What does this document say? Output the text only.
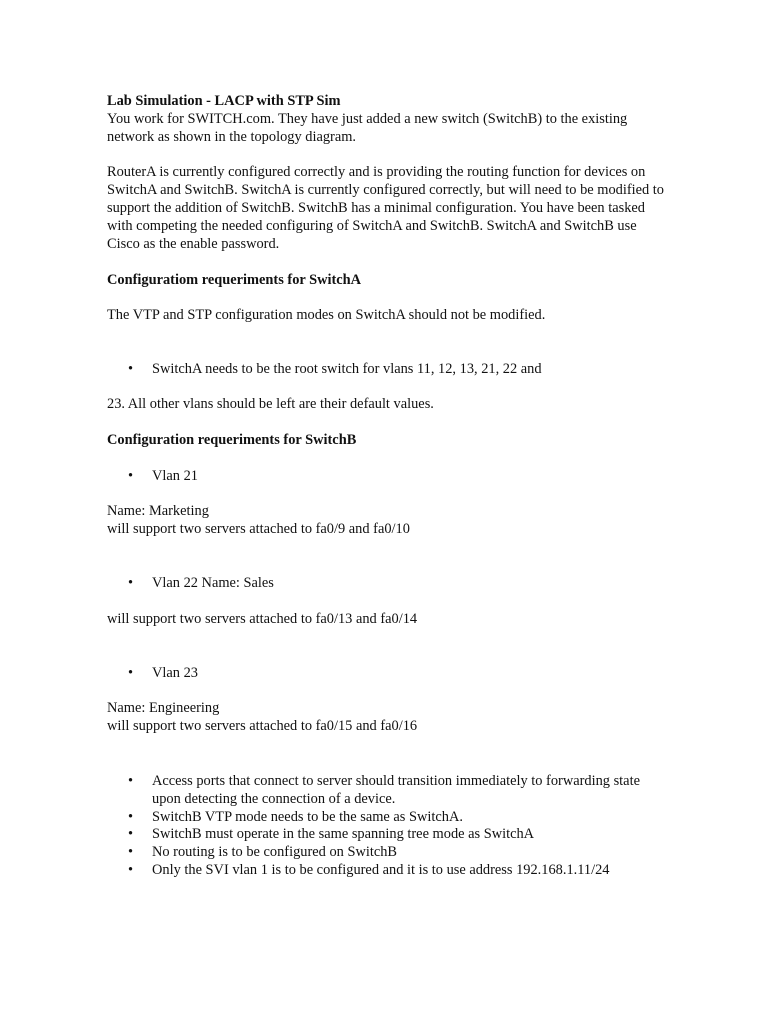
Lab Simulation - LACP with STP Sim

You work for SWITCH.com. They have just added a new switch (SwitchB) to the existing network as shown in the topology diagram.

RouterA is currently configured correctly and is providing the routing function for devices on SwitchA and SwitchB. SwitchA is currently configured correctly, but will need to be modified to support the addition of SwitchB. SwitchB has a minimal configuration. You have been tasked with competing the needed configuring of SwitchA and SwitchB. SwitchA and SwitchB use Cisco as the enable password.

Configuratiom requeriments for SwitchA

The VTP and STP configuration modes on SwitchA should not be modified.

•	SwitchA needs to be the root switch for vlans 11, 12, 13, 21, 22 and

23. All other vlans should be left are their default values.

Configuration requeriments for SwitchB

•	Vlan 21

Name: Marketing

will support two servers attached to fa0/9 and fa0/10

•	Vlan 22 Name: Sales

will support two servers attached to fa0/13 and fa0/14

•	Vlan 23

Name: Engineering

will support two servers attached to fa0/15 and fa0/16

•	Access ports that connect to server should transition immediately to forwarding state upon detecting the connection of a device.
•	SwitchB VTP mode needs to be the same as SwitchA.
•	SwitchB must operate in the same spanning tree mode as SwitchA
•	No routing is to be configured on SwitchB
•	Only the SVI vlan 1 is to be configured and it is to use address 192.168.1.11/24
